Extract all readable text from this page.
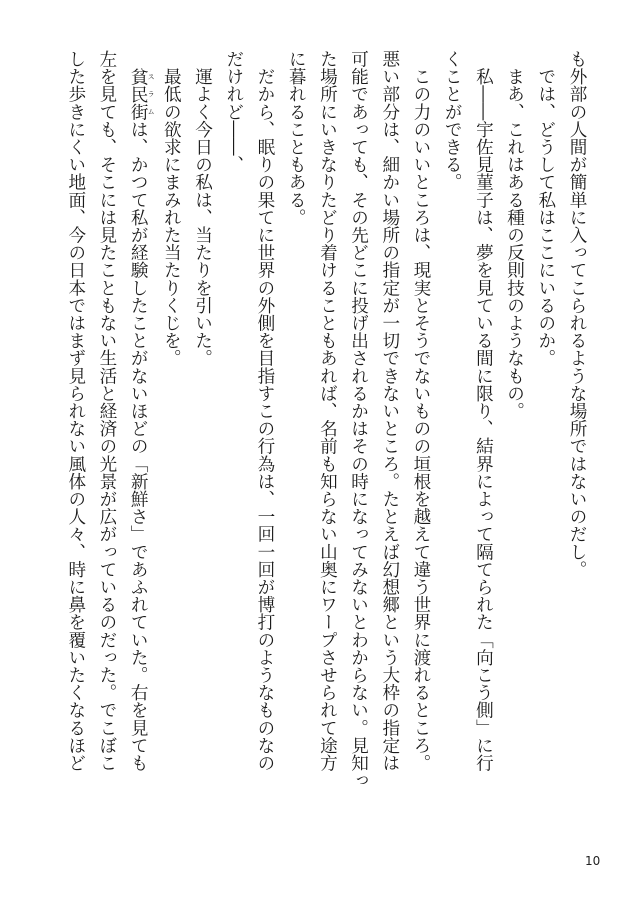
も外部の人間が簡単に入ってこられるような場所ではないのだし。

　では、どうして私はここにいるのか。

　まあ、これはある種の反則技のようなもの。

　私――宇佐見菫子は、夢を見ている間に限り、結界によって隔てられた「向こう側」に行

くことができる。

　この力のいいところは、現実とそうでないものの垣根を越えて違う世界に渡れるところ。

悪い部分は、細かい場所の指定が一切できないところ。たとえば幻想郷という大枠の指定は

可能であっても、その先どこに投げ出されるかはその時になってみないとわからない。見知っ

た場所にいきなりたどり着けることもあれば、名前も知らない山奥にワープさせられて途方

に暮れることもある。

　だから、眠りの果てに世界の外側を目指すこの行為は、一回一回が博打のようなものなの

だけれど――、

　運よく今日の私は、当たりを引いた。

　最低の欲求にまみれた当たりくじを。

　貧民街 スラムは、かつて私が経験したことがないほどの「新鮮さ」であふれていた。右を見ても

左を見ても、そこには見たこともない生活と経済の光景が広がっているのだった。でこぼこ

した歩きにくい地面、今の日本ではまず見られない風体の人々、時に鼻を覆いたくなるほど

10
